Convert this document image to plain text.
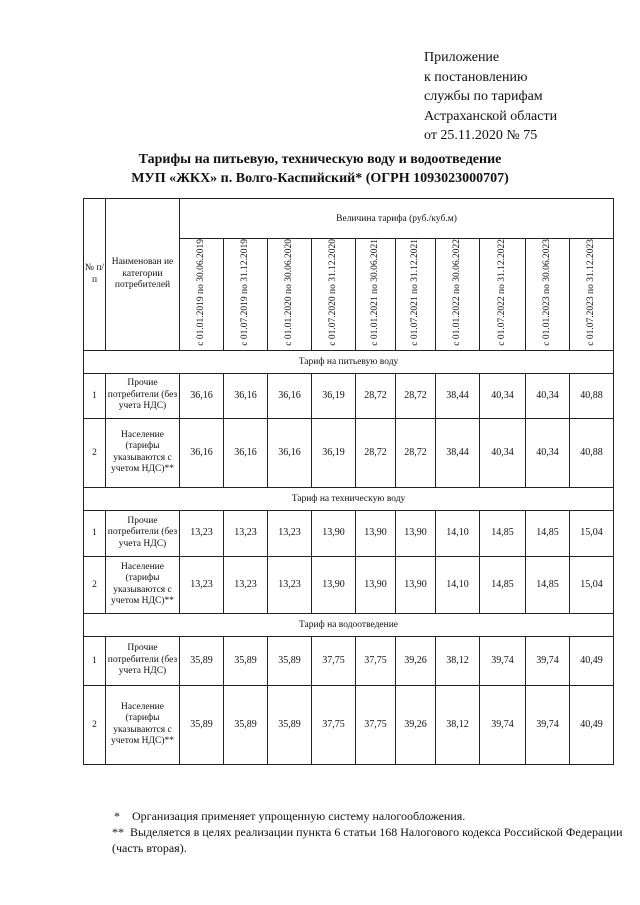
Приложение
к постановлению
службы по тарифам
Астраханской области
от 25.11.2020 № 75
Тарифы на питьевую, техническую воду и водоотведение
МУП «ЖКХ» п. Волго-Каспийский* (ОГРН 1093023000707)
№ п/п	Наименован ие категории потребителей	Величина тарифа (руб./куб.м)									
		с 01.01.2019 по 30.06.2019	с 01.07.2019 по 31.12.2019	с 01.01.2020 по 30.06.2020	с 01.07.2020 по 31.12.2020	с 01.01.2021 по 30.06.2021	с 01.07.2021 по 31.12.2021	с 01.01.2022 по 30.06.2022	с 01.07.2022 по 31.12.2022	с 01.01.2023 по 30.06.2023	с 01.07.2023 по 31.12.2023
Тариф на питьевую воду											
1	Прочие потребители (без учета НДС)	36,16	36,16	36,16	36,19	28,72	28,72	38,44	40,34	40,34	40,88
2	Население (тарифы указываются с учетом НДС)**	36,16	36,16	36,16	36,19	28,72	28,72	38,44	40,34	40,34	40,88
Тариф на техническую воду											
1	Прочие потребители (без учета НДС)	13,23	13,23	13,23	13,90	13,90	13,90	14,10	14,85	14,85	15,04
2	Население (тарифы указываются с учетом НДС)**	13,23	13,23	13,23	13,90	13,90	13,90	14,10	14,85	14,85	15,04
Тариф на водоотведение											
1	Прочие потребители (без учета НДС)	35,89	35,89	35,89	37,75	37,75	39,26	38,12	39,74	39,74	40,49
2	Население (тарифы указываются с учетом НДС)**	35,89	35,89	35,89	37,75	37,75	39,26	38,12	39,74	39,74	40,49
* Организация применяет упрощенную систему налогообложения.
** Выделяется в целях реализации пункта 6 статьи 168 Налогового кодекса Российской Федерации (часть вторая).
